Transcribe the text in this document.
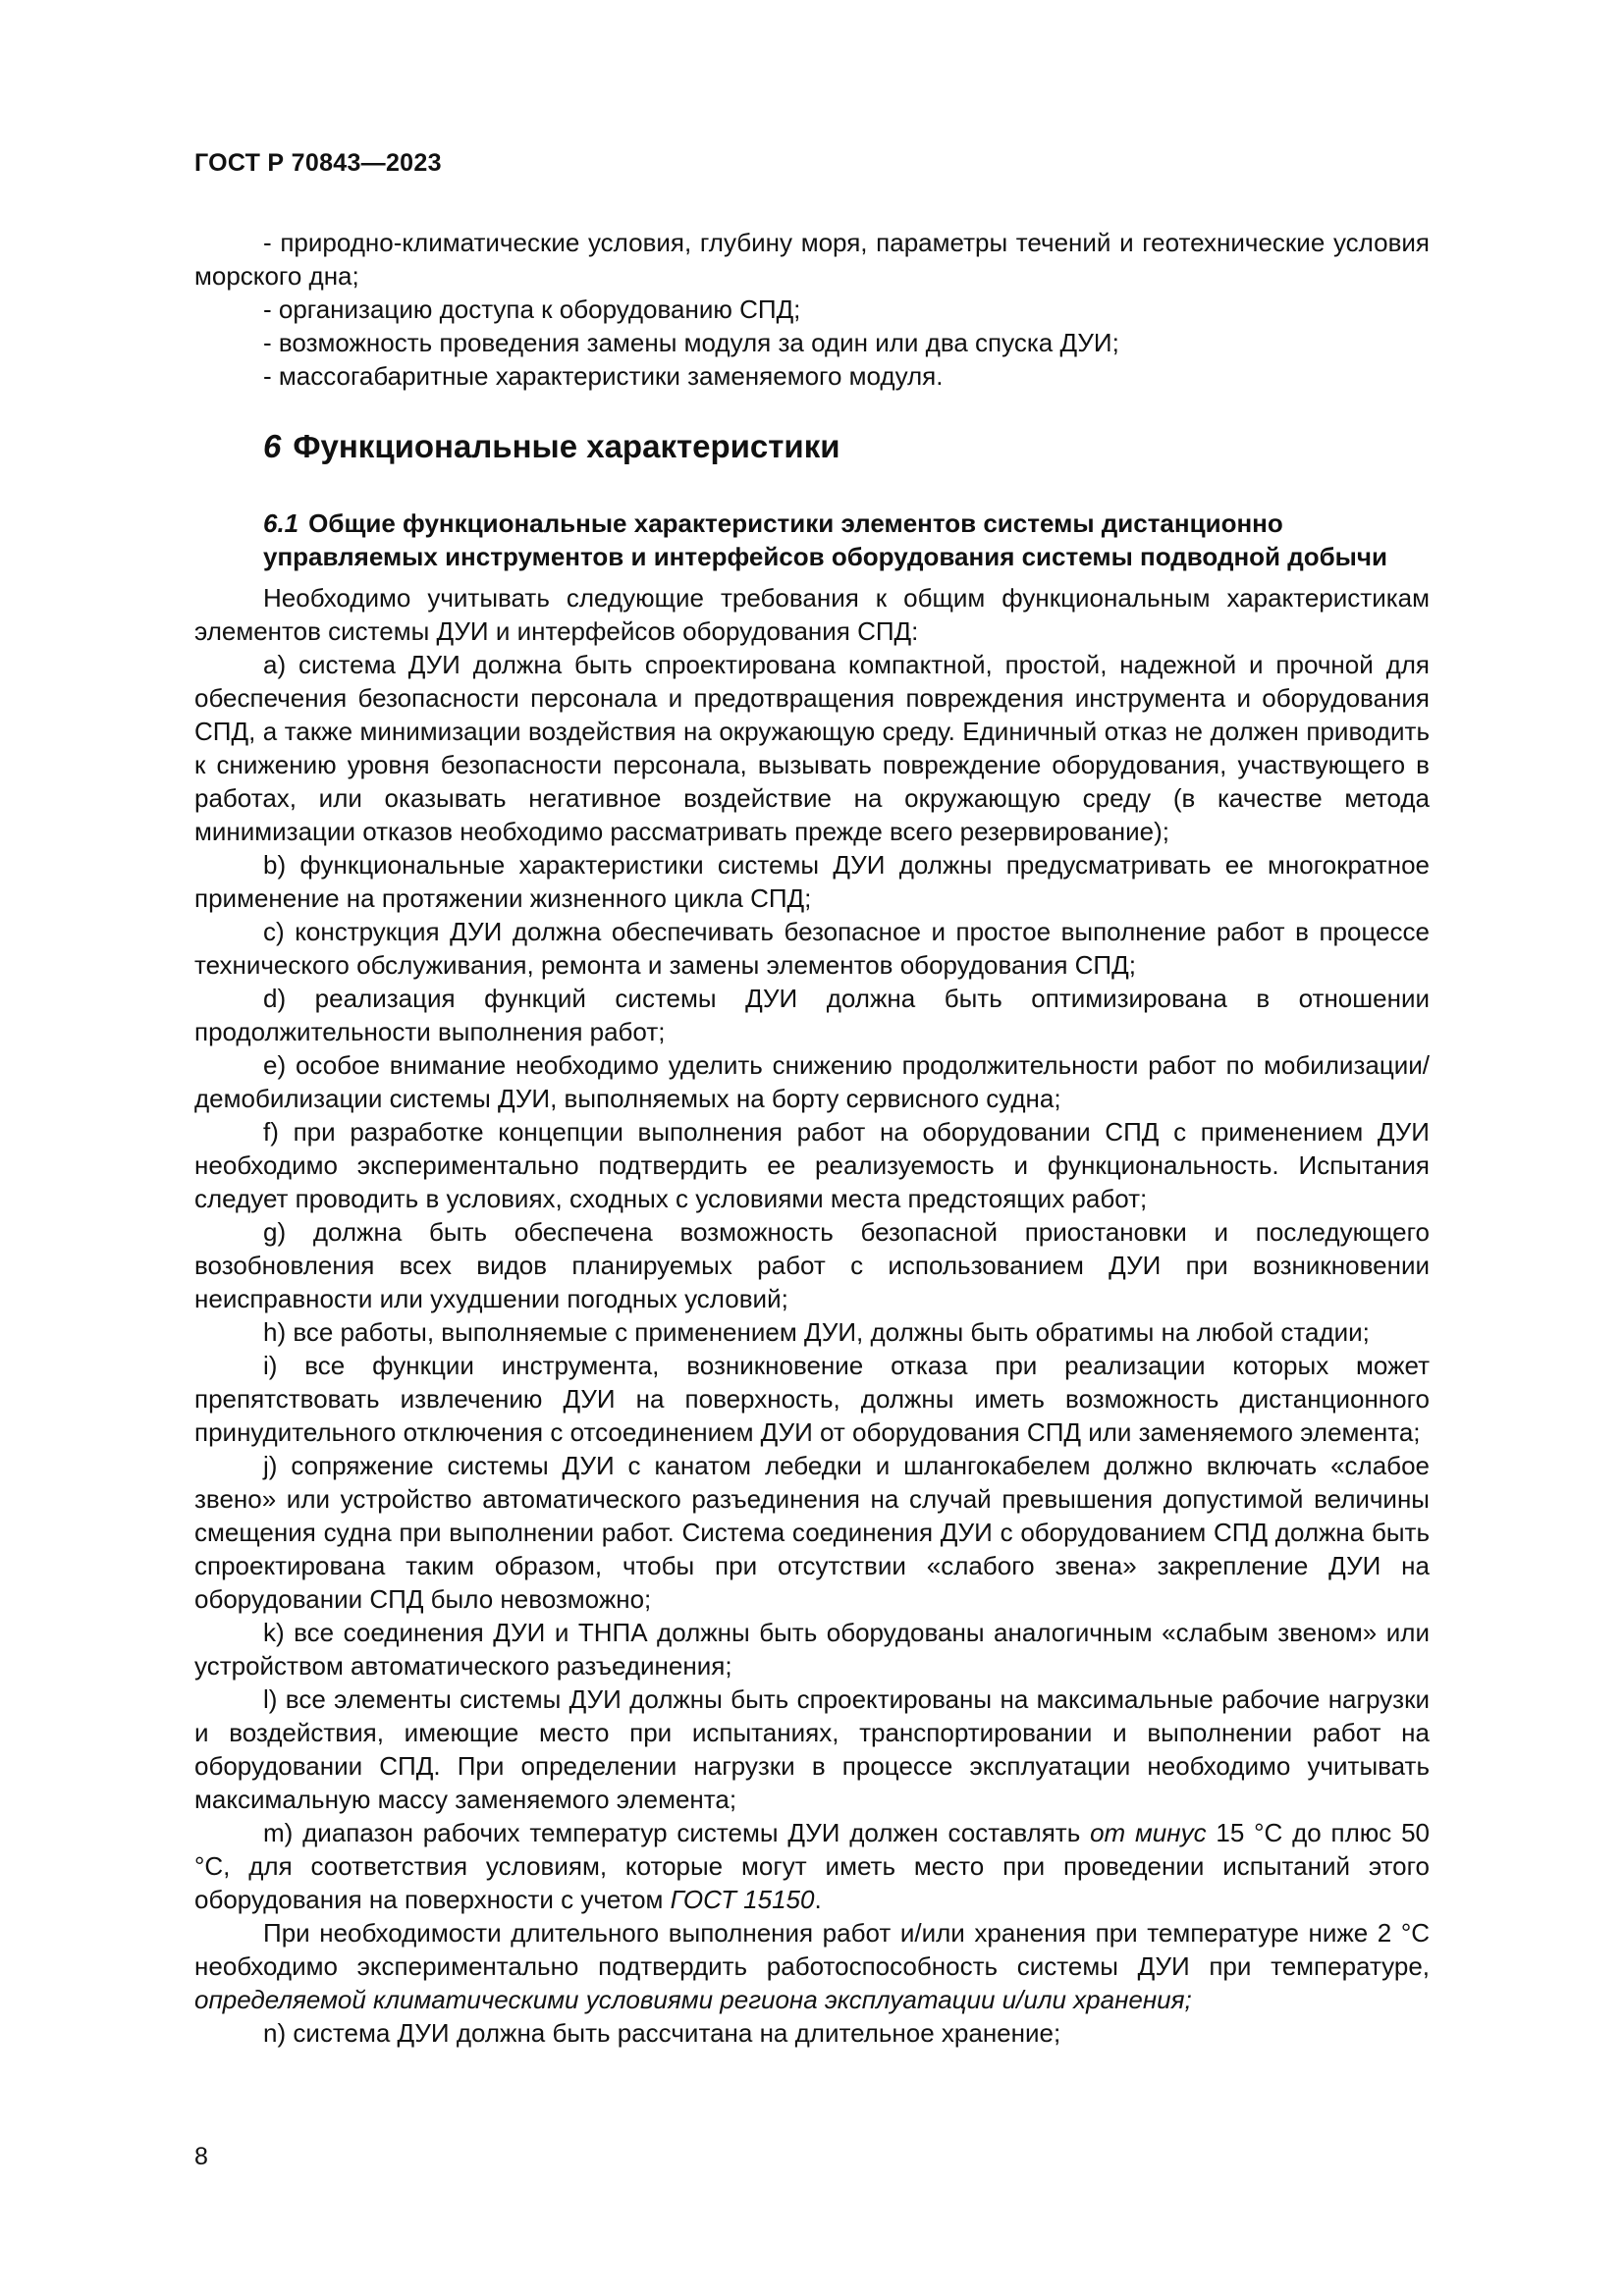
ГОСТ Р 70843—2023

- природно-климатические условия, глубину моря, параметры течений и геотехнические условия морского дна;

- организацию доступа к оборудованию СПД;

- возможность проведения замены модуля за один или два спуска ДУИ;

- массогабаритные характеристики заменяемого модуля.

6 Функциональные характеристики
6.1 Общие функциональные характеристики элементов системы дистанционно управляемых инструментов и интерфейсов оборудования системы подводной добычи

Необходимо учитывать следующие требования к общим функциональным характеристикам элементов системы ДУИ и интерфейсов оборудования СПД:

а) система ДУИ должна быть спроектирована компактной, простой, надежной и прочной для обеспечения безопасности персонала и предотвращения повреждения инструмента и оборудования СПД, а также минимизации воздействия на окружающую среду. Единичный отказ не должен приводить к снижению уровня безопасности персонала, вызывать повреждение оборудования, участвующего в работах, или оказывать негативное воздействие на окружающую среду (в качестве метода минимизации отказов необходимо рассматривать прежде всего резервирование);

b) функциональные характеристики системы ДУИ должны предусматривать ее многократное применение на протяжении жизненного цикла СПД;

c) конструкция ДУИ должна обеспечивать безопасное и простое выполнение работ в процессе технического обслуживания, ремонта и замены элементов оборудования СПД;

d) реализация функций системы ДУИ должна быть оптимизирована в отношении продолжительности выполнения работ;

e) особое внимание необходимо уделить снижению продолжительности работ по мобилизации/демобилизации системы ДУИ, выполняемых на борту сервисного судна;

f) при разработке концепции выполнения работ на оборудовании СПД с применением ДУИ необходимо экспериментально подтвердить ее реализуемость и функциональность. Испытания следует проводить в условиях, сходных с условиями места предстоящих работ;

g) должна быть обеспечена возможность безопасной приостановки и последующего возобновления всех видов планируемых работ с использованием ДУИ при возникновении неисправности или ухудшении погодных условий;

h) все работы, выполняемые с применением ДУИ, должны быть обратимы на любой стадии;

i) все функции инструмента, возникновение отказа при реализации которых может препятствовать извлечению ДУИ на поверхность, должны иметь возможность дистанционного принудительного отключения с отсоединением ДУИ от оборудования СПД или заменяемого элемента;

j) сопряжение системы ДУИ с канатом лебедки и шлангокабелем должно включать «слабое звено» или устройство автоматического разъединения на случай превышения допустимой величины смещения судна при выполнении работ. Система соединения ДУИ с оборудованием СПД должна быть спроектирована таким образом, чтобы при отсутствии «слабого звена» закрепление ДУИ на оборудовании СПД было невозможно;

k) все соединения ДУИ и ТНПА должны быть оборудованы аналогичным «слабым звеном» или устройством автоматического разъединения;

l) все элементы системы ДУИ должны быть спроектированы на максимальные рабочие нагрузки и воздействия, имеющие место при испытаниях, транспортировании и выполнении работ на оборудовании СПД. При определении нагрузки в процессе эксплуатации необходимо учитывать максимальную массу заменяемого элемента;

m) диапазон рабочих температур системы ДУИ должен составлять от минус 15 °С до плюс 50 °С, для соответствия условиям, которые могут иметь место при проведении испытаний этого оборудования на поверхности с учетом ГОСТ 15150.

При необходимости длительного выполнения работ и/или хранения при температуре ниже 2 °С необходимо экспериментально подтвердить работоспособность системы ДУИ при температуре, определяемой климатическими условиями региона эксплуатации и/или хранения;

n) система ДУИ должна быть рассчитана на длительное хранение;

8
